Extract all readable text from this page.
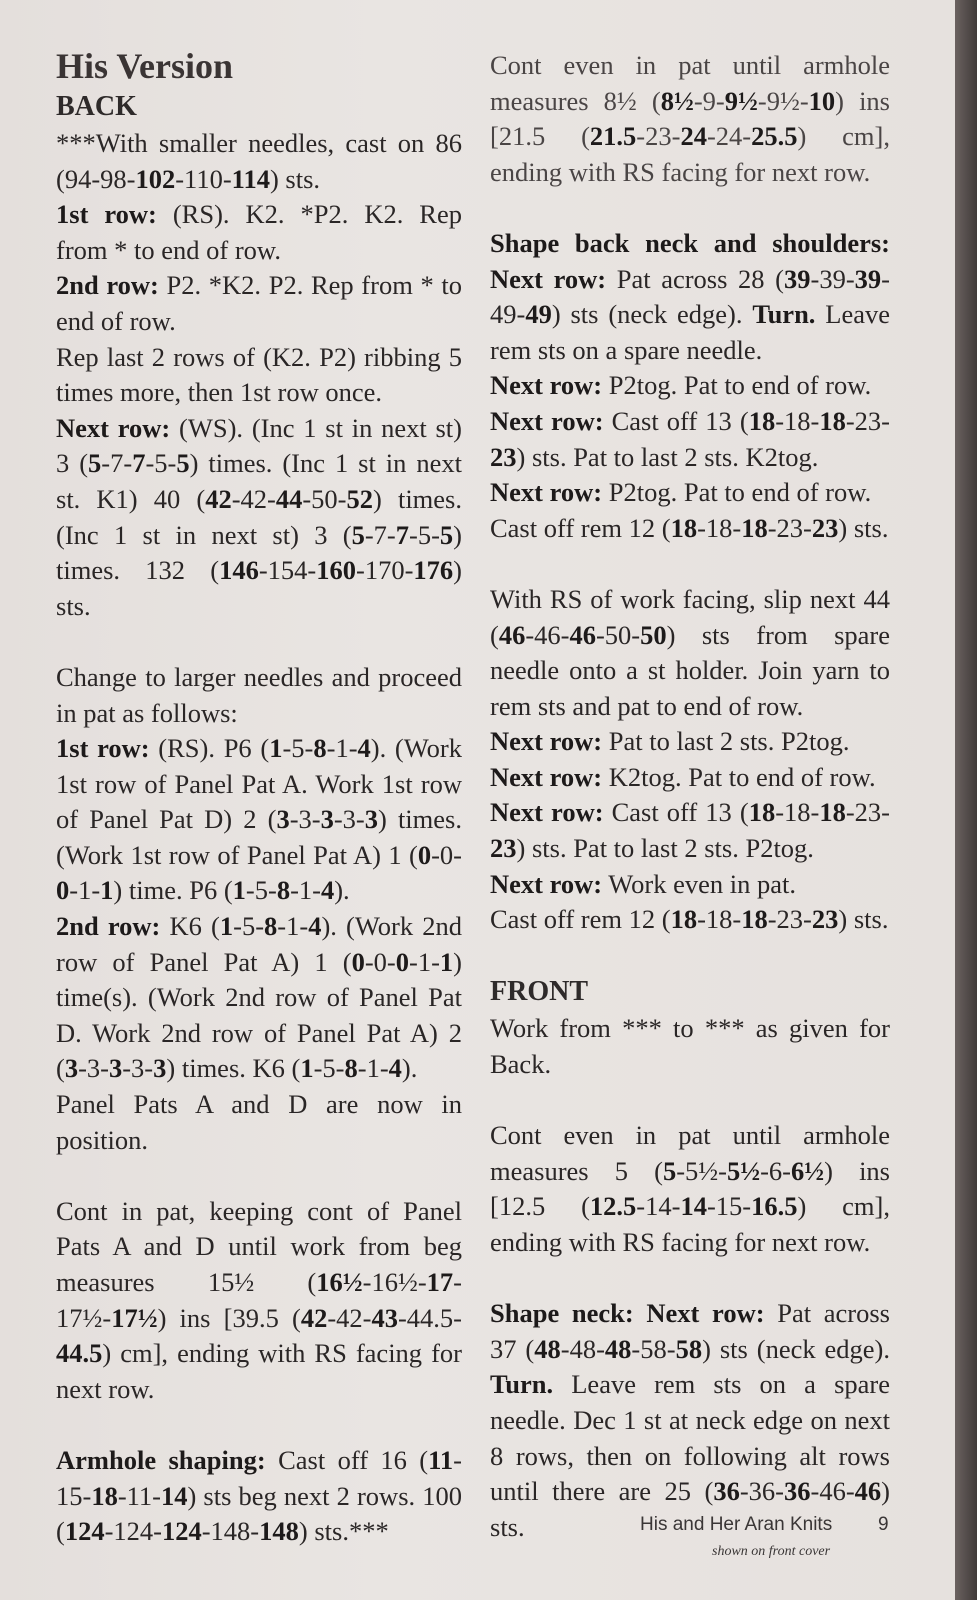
His Version
BACK

***With smaller needles, cast on 86 (94-98-102-110-114) sts.

1st row: (RS). K2. *P2. K2. Rep from * to end of row.

2nd row: P2. *K2. P2. Rep from * to end of row.

Rep last 2 rows of (K2. P2) ribbing 5 times more, then 1st row once.

Next row: (WS). (Inc 1 st in next st) 3 (5-7-7-5-5) times. (Inc 1 st in next st. K1) 40 (42-42-44-50-52) times. (Inc 1 st in next st) 3 (5-7-7-5-5) times. 132 (146-154-160-170-176) sts.

Change to larger needles and proceed in pat as follows:

1st row: (RS). P6 (1-5-8-1-4). (Work 1st row of Panel Pat A. Work 1st row of Panel Pat D) 2 (3-3-3-3-3) times. (Work 1st row of Panel Pat A) 1 (0-0-0-1-1) time. P6 (1-5-8-1-4).

2nd row: K6 (1-5-8-1-4). (Work 2nd row of Panel Pat A) 1 (0-0-0-1-1) time(s). (Work 2nd row of Panel Pat D. Work 2nd row of Panel Pat A) 2 (3-3-3-3-3) times. K6 (1-5-8-1-4).

Panel Pats A and D are now in position.

Cont in pat, keeping cont of Panel Pats A and D until work from beg measures 15½ (16½-16½-17-17½-17½) ins [39.5 (42-42-43-44.5-44.5) cm], ending with RS facing for next row.

Armhole shaping: Cast off 16 (11-15-18-11-14) sts beg next 2 rows. 100 (124-124-124-148-148) sts.***

Cont even in pat until armhole measures 8½ (8½-9-9½-9½-10) ins [21.5 (21.5-23-24-24-25.5) cm], ending with RS facing for next row.

Shape back neck and shoulders: Next row: Pat across 28 (39-39-39-49-49) sts (neck edge). Turn. Leave rem sts on a spare needle.

Next row: P2tog. Pat to end of row.

Next row: Cast off 13 (18-18-18-23-23) sts. Pat to last 2 sts. K2tog.

Next row: P2tog. Pat to end of row.

Cast off rem 12 (18-18-18-23-23) sts.

With RS of work facing, slip next 44 (46-46-46-50-50) sts from spare needle onto a st holder. Join yarn to rem sts and pat to end of row.

Next row: Pat to last 2 sts. P2tog.

Next row: K2tog. Pat to end of row.

Next row: Cast off 13 (18-18-18-23-23) sts. Pat to last 2 sts. P2tog.

Next row: Work even in pat.

Cast off rem 12 (18-18-18-23-23) sts.

FRONT

Work from *** to *** as given for Back.

Cont even in pat until armhole measures 5 (5-5½-5½-6-6½) ins [12.5 (12.5-14-14-15-16.5) cm], ending with RS facing for next row.

Shape neck: Next row: Pat across 37 (48-48-48-58-58) sts (neck edge). Turn. Leave rem sts on a spare needle. Dec 1 st at neck edge on next 8 rows, then on following alt rows until there are 25 (36-36-36-46-46) sts.	His and Her Aran Knits 9
shown on front cover
